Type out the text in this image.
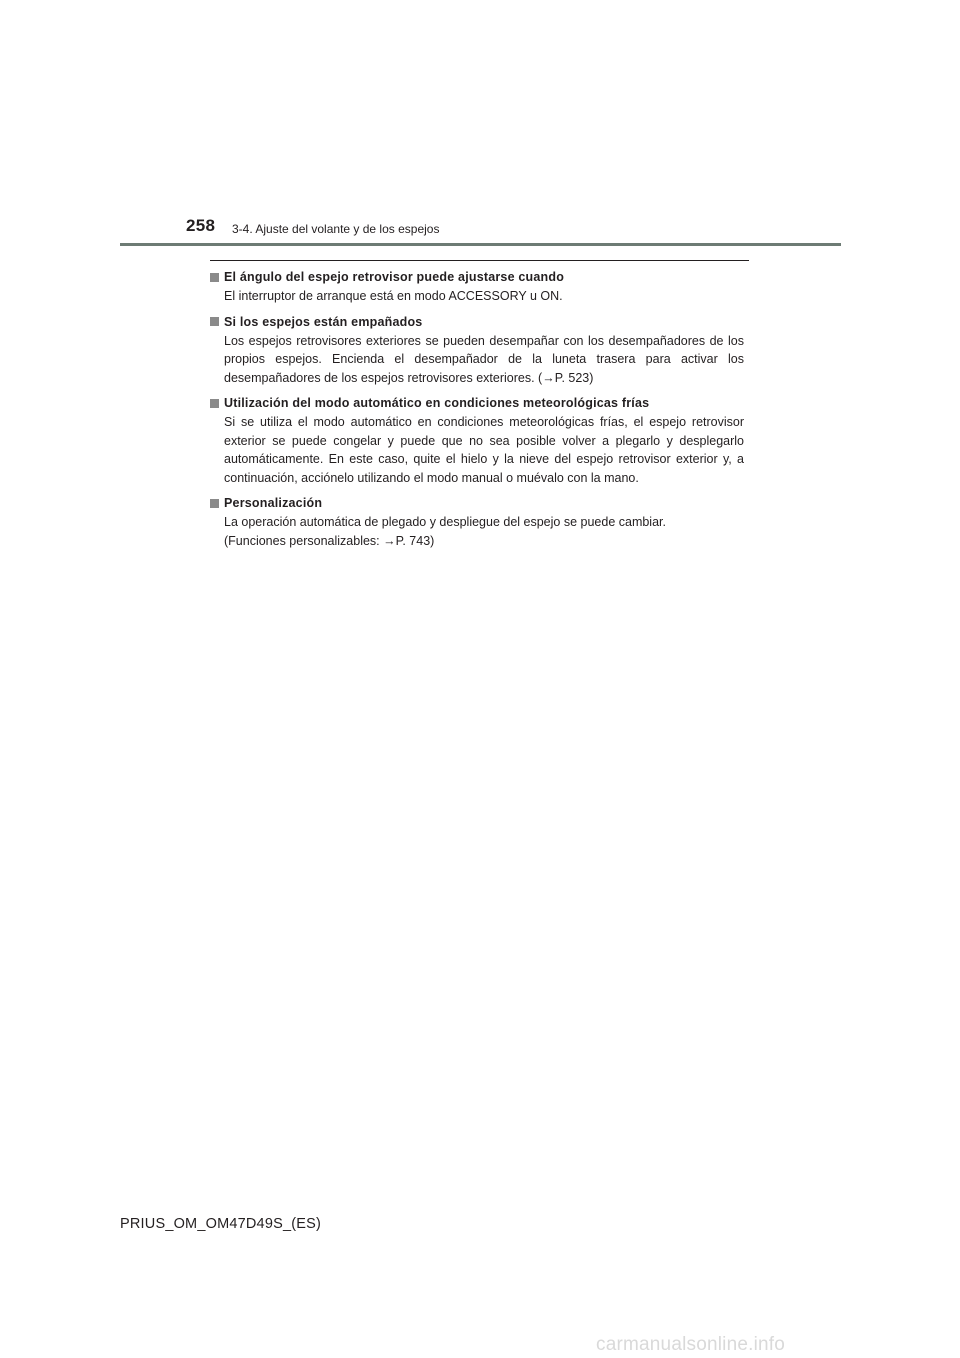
258 3-4. Ajuste del volante y de los espejos
El ángulo del espejo retrovisor puede ajustarse cuando
El interruptor de arranque está en modo ACCESSORY u ON.
Si los espejos están empañados
Los espejos retrovisores exteriores se pueden desempañar con los desempañadores de los propios espejos. Encienda el desempañador de la luneta trasera para activar los desempañadores de los espejos retrovisores exteriores. (→P. 523)
Utilización del modo automático en condiciones meteorológicas frías
Si se utiliza el modo automático en condiciones meteorológicas frías, el espejo retrovisor exterior se puede congelar y puede que no sea posible volver a plegarlo y desplegarlo automáticamente. En este caso, quite el hielo y la nieve del espejo retrovisor exterior y, a continuación, acciónelo utilizando el modo manual o muévalo con la mano.
Personalización
La operación automática de plegado y despliegue del espejo se puede cambiar.
(Funciones personalizables: →P. 743)
PRIUS_OM_OM47D49S_(ES)
carmanualsonline.info
